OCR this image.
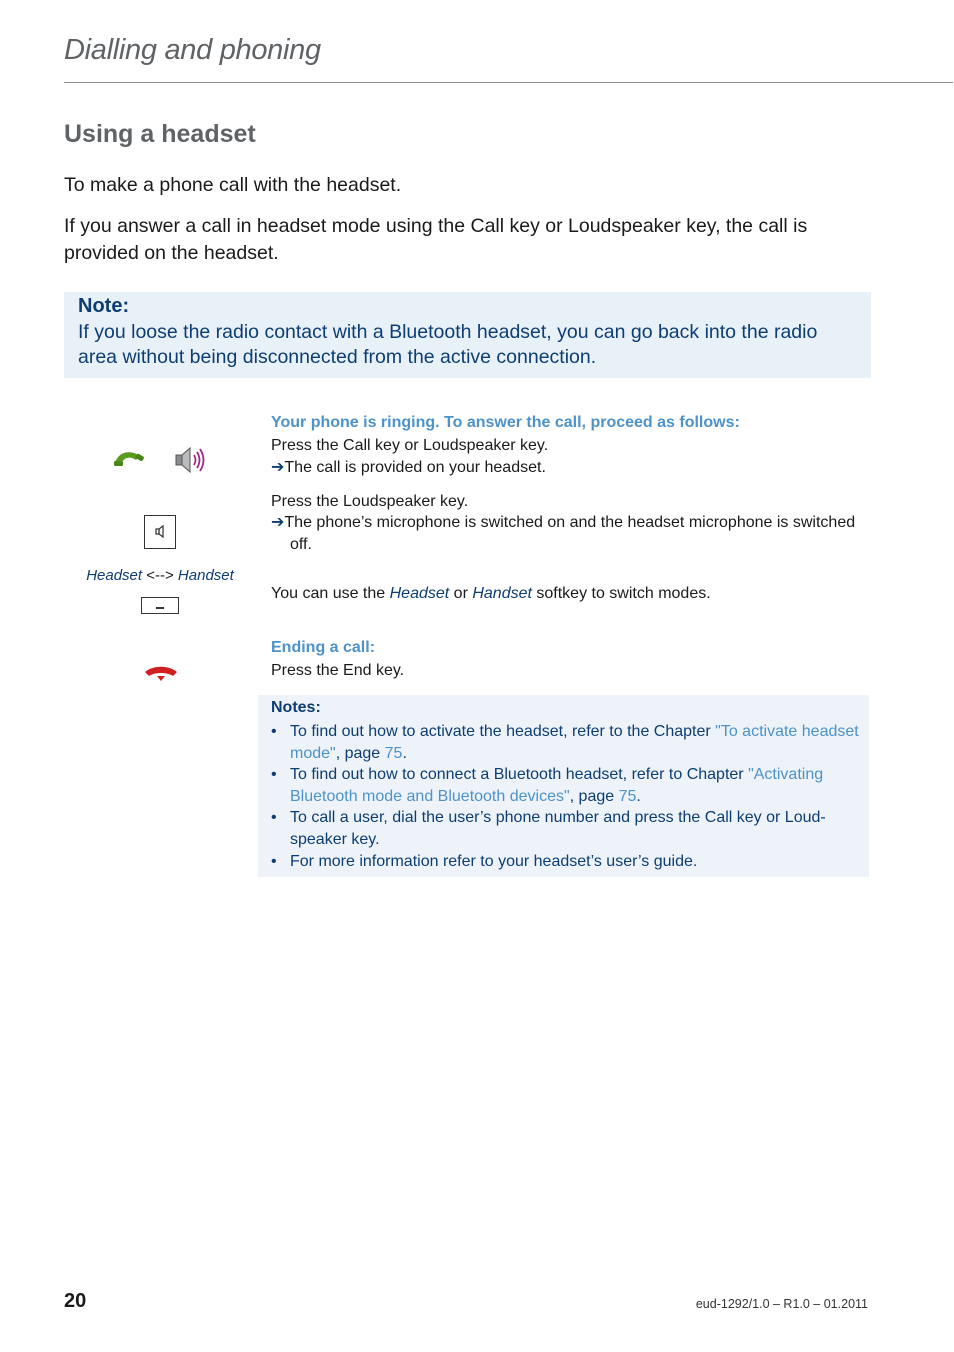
Dialling and phoning
Using a headset
To make a phone call with the headset.
If you answer a call in headset mode using the Call key or Loudspeaker key, the call is provided on the headset.
Note:
If you loose the radio contact with a Bluetooth headset, you can go back into the radio area without being disconnected from the active connection.
Headset <--> Handset
Your phone is ringing. To answer the call, proceed as follows:
Press the Call key or Loudspeaker key.
➔The call is provided on your headset.
Press the Loudspeaker key.
➔The phone’s microphone is switched on and the headset microphone is switched off.
You can use the Headset or Handset softkey to switch modes.
Ending a call:
Press the End key.
Notes:
• To find out how to activate the headset, refer to the Chapter "To activate headset mode", page 75.
• To find out how to connect a Bluetooth headset, refer to Chapter "Activating Bluetooth mode and Bluetooth devices", page 75.
• To call a user, dial the user’s phone number and press the Call key or Loud-speaker key.
• For more information refer to your headset’s user’s guide.
20	eud-1292/1.0 – R1.0 – 01.2011
